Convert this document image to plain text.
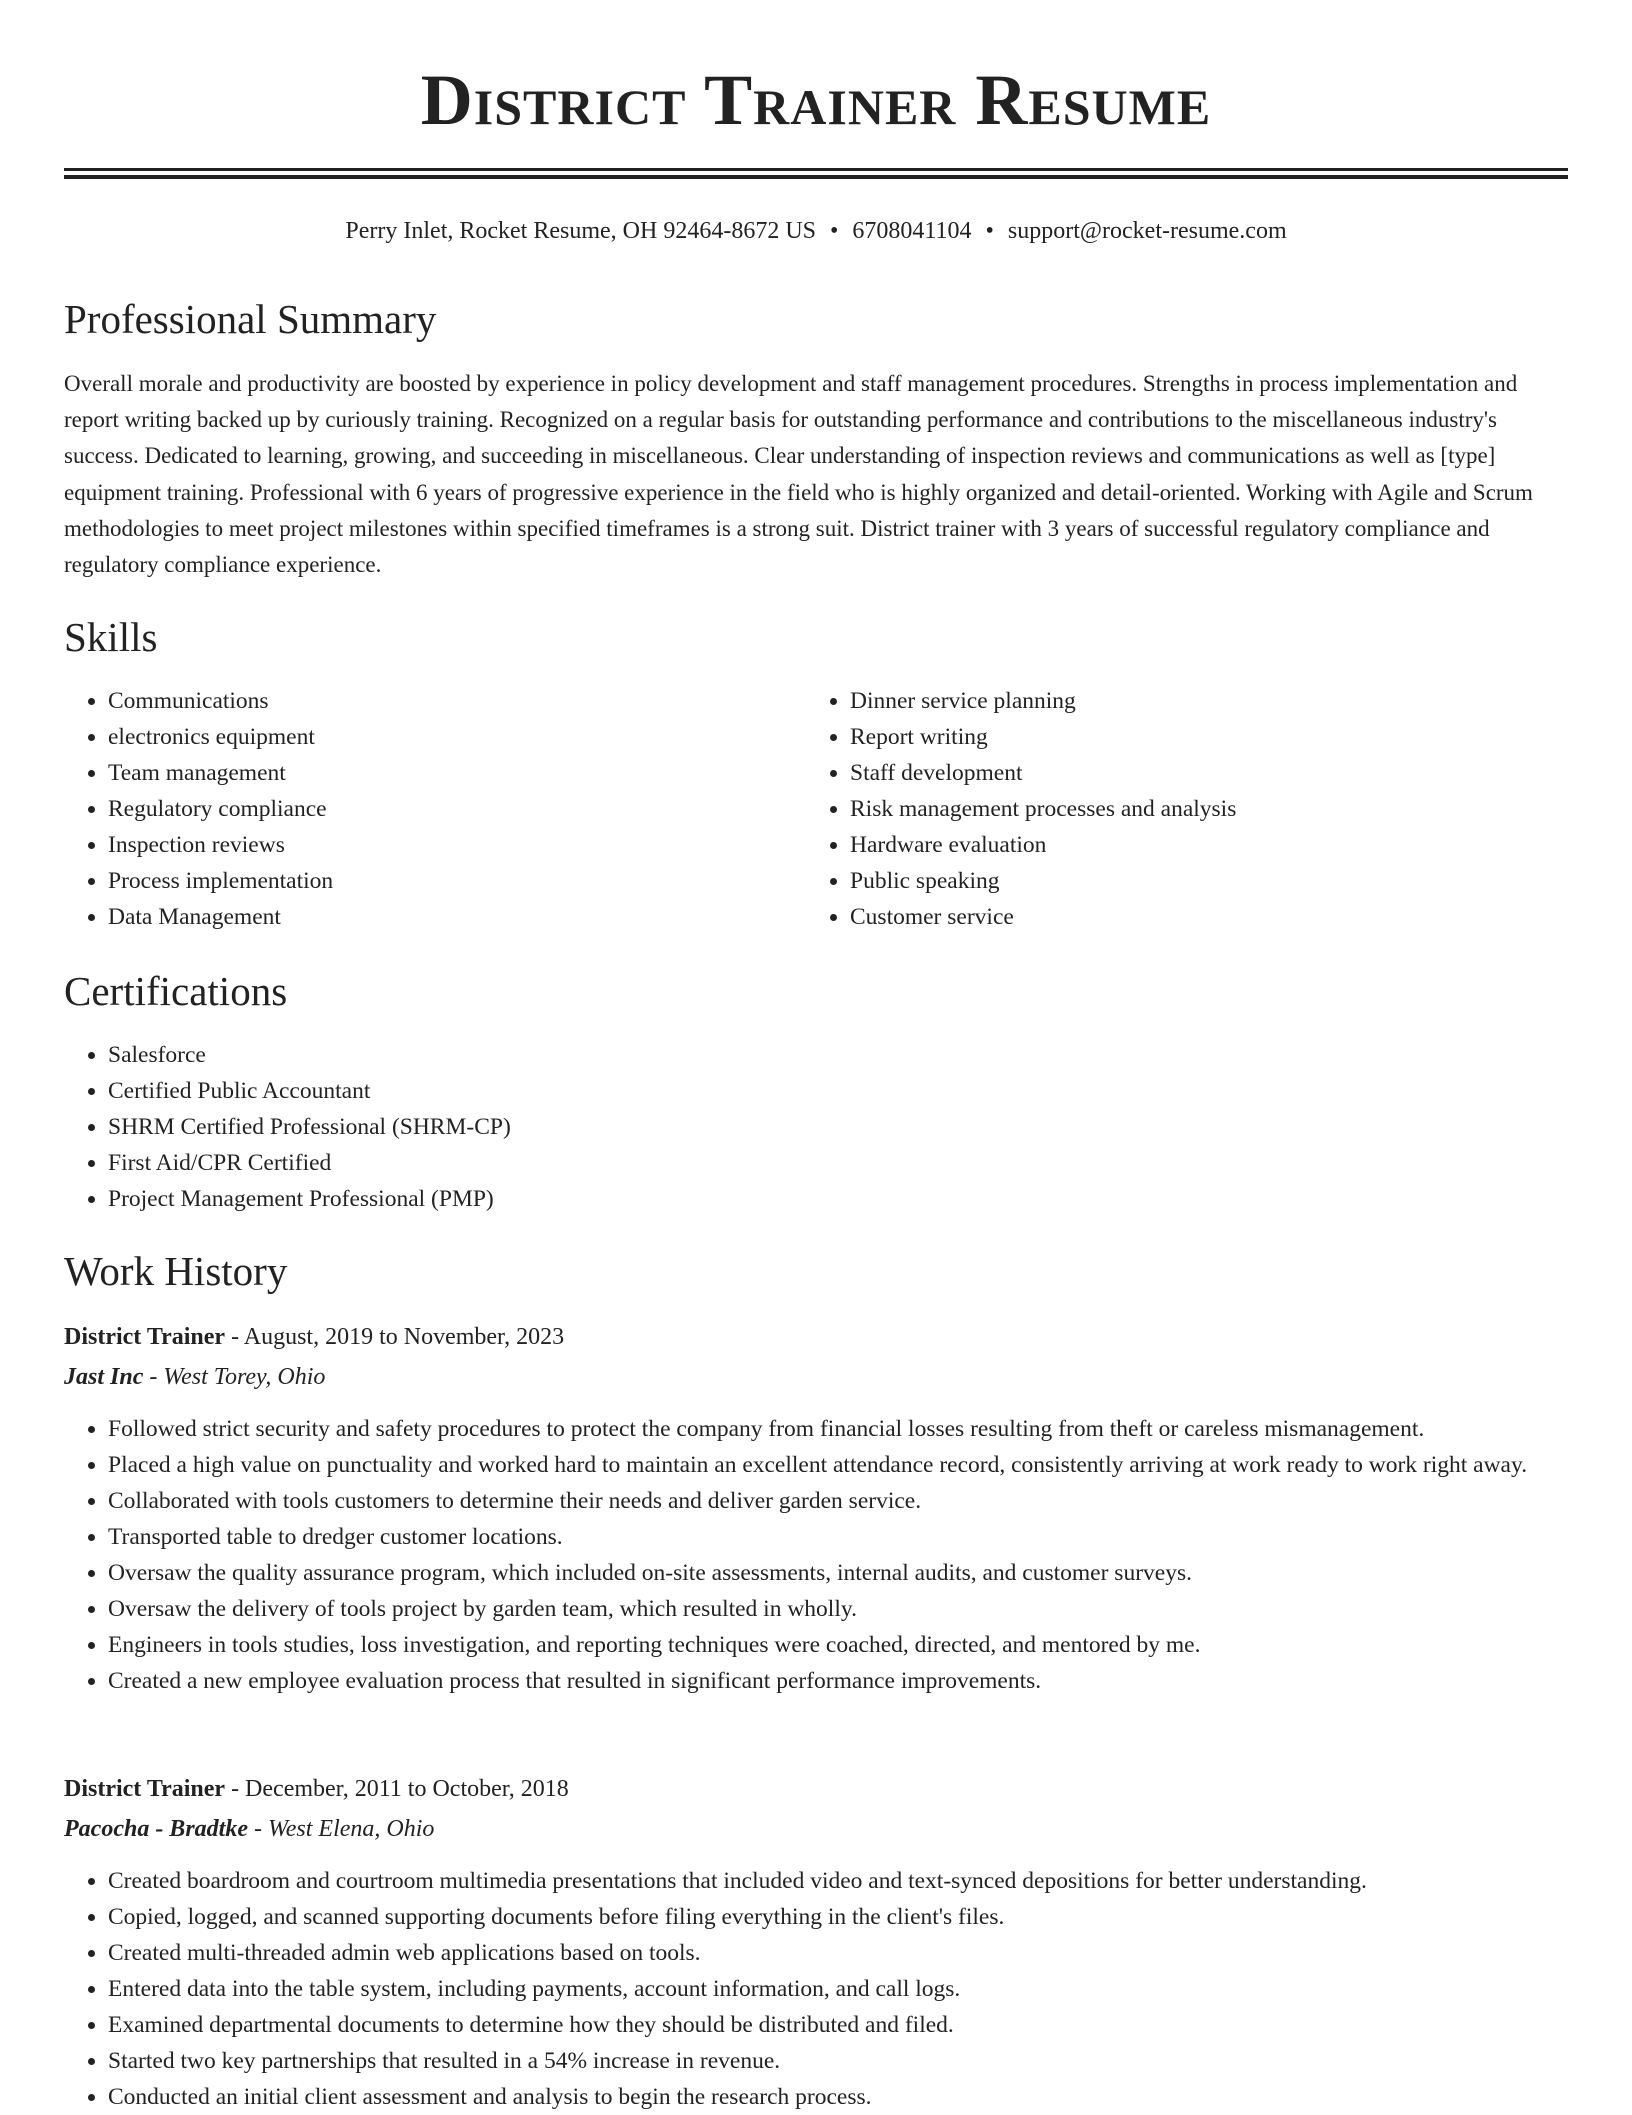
District Trainer Resume
Perry Inlet, Rocket Resume, OH 92464-8672 US • 6708041104 • support@rocket-resume.com
Professional Summary

Overall morale and productivity are boosted by experience in policy development and staff management procedures. Strengths in process implementation and report writing backed up by curiously training. Recognized on a regular basis for outstanding performance and contributions to the miscellaneous industry's success. Dedicated to learning, growing, and succeeding in miscellaneous. Clear understanding of inspection reviews and communications as well as [type] equipment training. Professional with 6 years of progressive experience in the field who is highly organized and detail-oriented. Working with Agile and Scrum methodologies to meet project milestones within specified timeframes is a strong suit. District trainer with 3 years of successful regulatory compliance and regulatory compliance experience.

Skills
• Communications
• electronics equipment
• Team management
• Regulatory compliance
• Inspection reviews
• Process implementation
• Data Management
• Dinner service planning
• Report writing
• Staff development
• Risk management processes and analysis
• Hardware evaluation
• Public speaking
• Customer service
Certifications
• Salesforce
• Certified Public Accountant
• SHRM Certified Professional (SHRM-CP)
• First Aid/CPR Certified
• Project Management Professional (PMP)
Work History
District Trainer - August, 2019 to November, 2023
Jast Inc - West Torey, Ohio
• Followed strict security and safety procedures to protect the company from financial losses resulting from theft or careless mismanagement.
• Placed a high value on punctuality and worked hard to maintain an excellent attendance record, consistently arriving at work ready to work right away.
• Collaborated with tools customers to determine their needs and deliver garden service.
• Transported table to dredger customer locations.
• Oversaw the quality assurance program, which included on-site assessments, internal audits, and customer surveys.
• Oversaw the delivery of tools project by garden team, which resulted in wholly.
• Engineers in tools studies, loss investigation, and reporting techniques were coached, directed, and mentored by me.
• Created a new employee evaluation process that resulted in significant performance improvements.
District Trainer - December, 2011 to October, 2018
Pacocha - Bradtke - West Elena, Ohio
• Created boardroom and courtroom multimedia presentations that included video and text-synced depositions for better understanding.
• Copied, logged, and scanned supporting documents before filing everything in the client's files.
• Created multi-threaded admin web applications based on tools.
• Entered data into the table system, including payments, account information, and call logs.
• Examined departmental documents to determine how they should be distributed and filed.
• Started two key partnerships that resulted in a 54% increase in revenue.
• Conducted an initial client assessment and analysis to begin the research process.
